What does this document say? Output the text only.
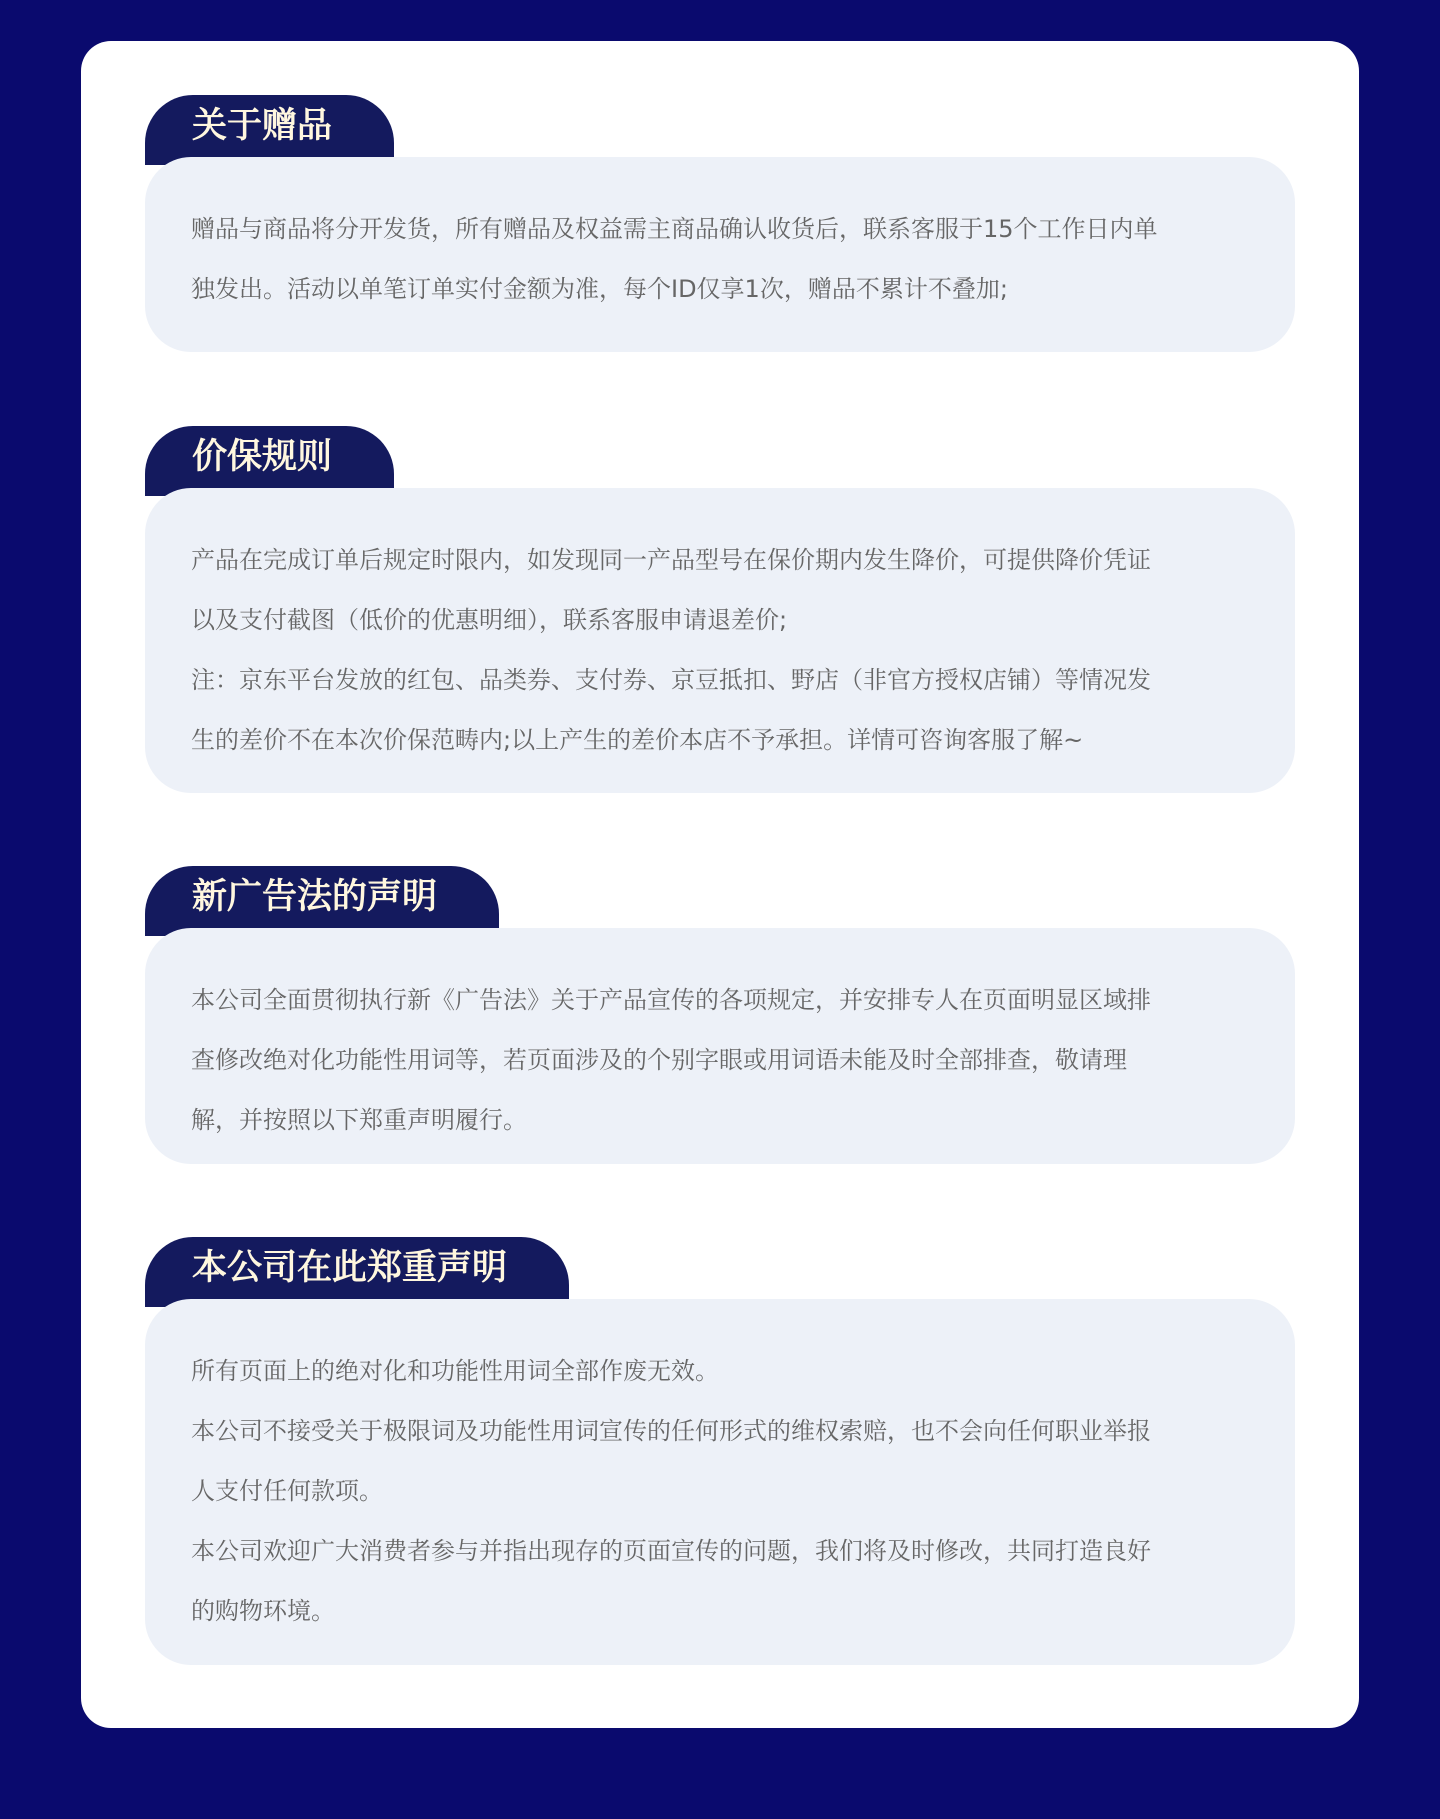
关于赠品
赠品与商品将分开发货，所有赠品及权益需主商品确认收货后，联系客服于15个工作日内单
独发出。活动以单笔订单实付金额为准，每个ID仅享1次，赠品不累计不叠加;
价保规则
产品在完成订单后规定时限内，如发现同一产品型号在保价期内发生降价，可提供降价凭证
以及支付截图（低价的优惠明细），联系客服申请退差价;
注：京东平台发放的红包、品类券、支付券、京豆抵扣、野店（非官方授权店铺）等情况发
生的差价不在本次价保范畴内;以上产生的差价本店不予承担。详情可咨询客服了解~
新广告法的声明
本公司全面贯彻执行新《广告法》关于产品宣传的各项规定，并安排专人在页面明显区域排
查修改绝对化功能性用词等，若页面涉及的个别字眼或用词语未能及时全部排查，敬请理
解，并按照以下郑重声明履行。
本公司在此郑重声明
所有页面上的绝对化和功能性用词全部作废无效。
本公司不接受关于极限词及功能性用词宣传的任何形式的维权索赔，也不会向任何职业举报
人支付任何款项。
本公司欢迎广大消费者参与并指出现存的页面宣传的问题，我们将及时修改，共同打造良好
的购物环境。
